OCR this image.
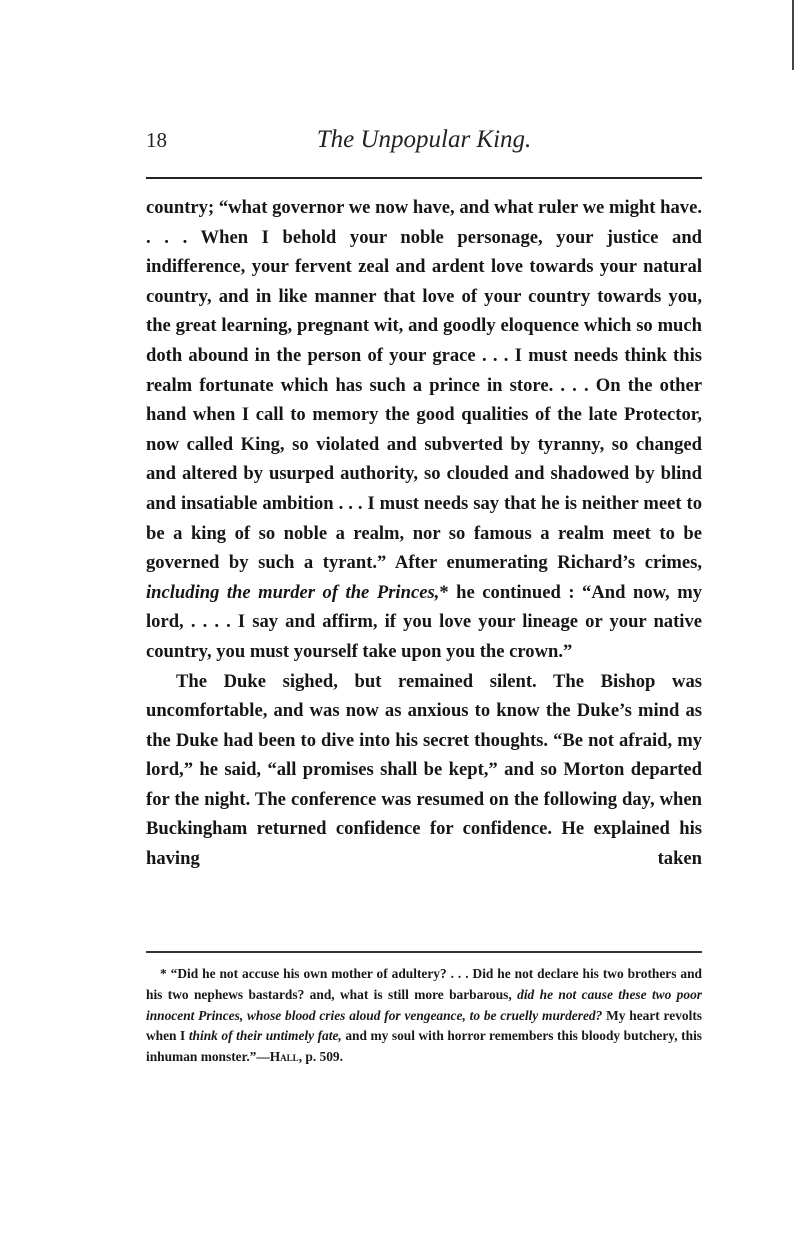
18	The Unpopular King.

country; “what governor we now have, and what ruler we might have. . . . When I behold your noble personage, your justice and indifference, your fervent zeal and ardent love towards your natural country, and in like manner that love of your country towards you, the great learning, pregnant wit, and goodly eloquence which so much doth abound in the person of your grace . . . I must needs think this realm fortunate which has such a prince in store. . . . On the other hand when I call to memory the good qualities of the late Protector, now called King, so violated and subverted by tyranny, so changed and altered by usurped authority, so clouded and shadowed by blind and insatiable ambition . . . I must needs say that he is neither meet to be a king of so noble a realm, nor so famous a realm meet to be governed by such a tyrant.” After enumerating Richard’s crimes, including the murder of the Princes,* he continued : “And now, my lord, . . . . I say and affirm, if you love your lineage or your native country, you must yourself take upon you the crown.”

The Duke sighed, but remained silent. The Bishop was uncomfortable, and was now as anxious to know the Duke’s mind as the Duke had been to dive into his secret thoughts. “Be not afraid, my lord,” he said, “all promises shall be kept,” and so Morton departed for the night. The conference was resumed on the following day, when Buckingham returned confidence for confidence. He explained his having taken

* “Did he not accuse his own mother of adultery? . . . Did he not declare his two brothers and his two nephews bastards? and, what is still more barbarous, did he not cause these two poor innocent Princes, whose blood cries aloud for vengeance, to be cruelly murdered? My heart revolts when I think of their untimely fate, and my soul with horror remembers this bloody butchery, this inhuman monster.”—Hall, p. 509.
